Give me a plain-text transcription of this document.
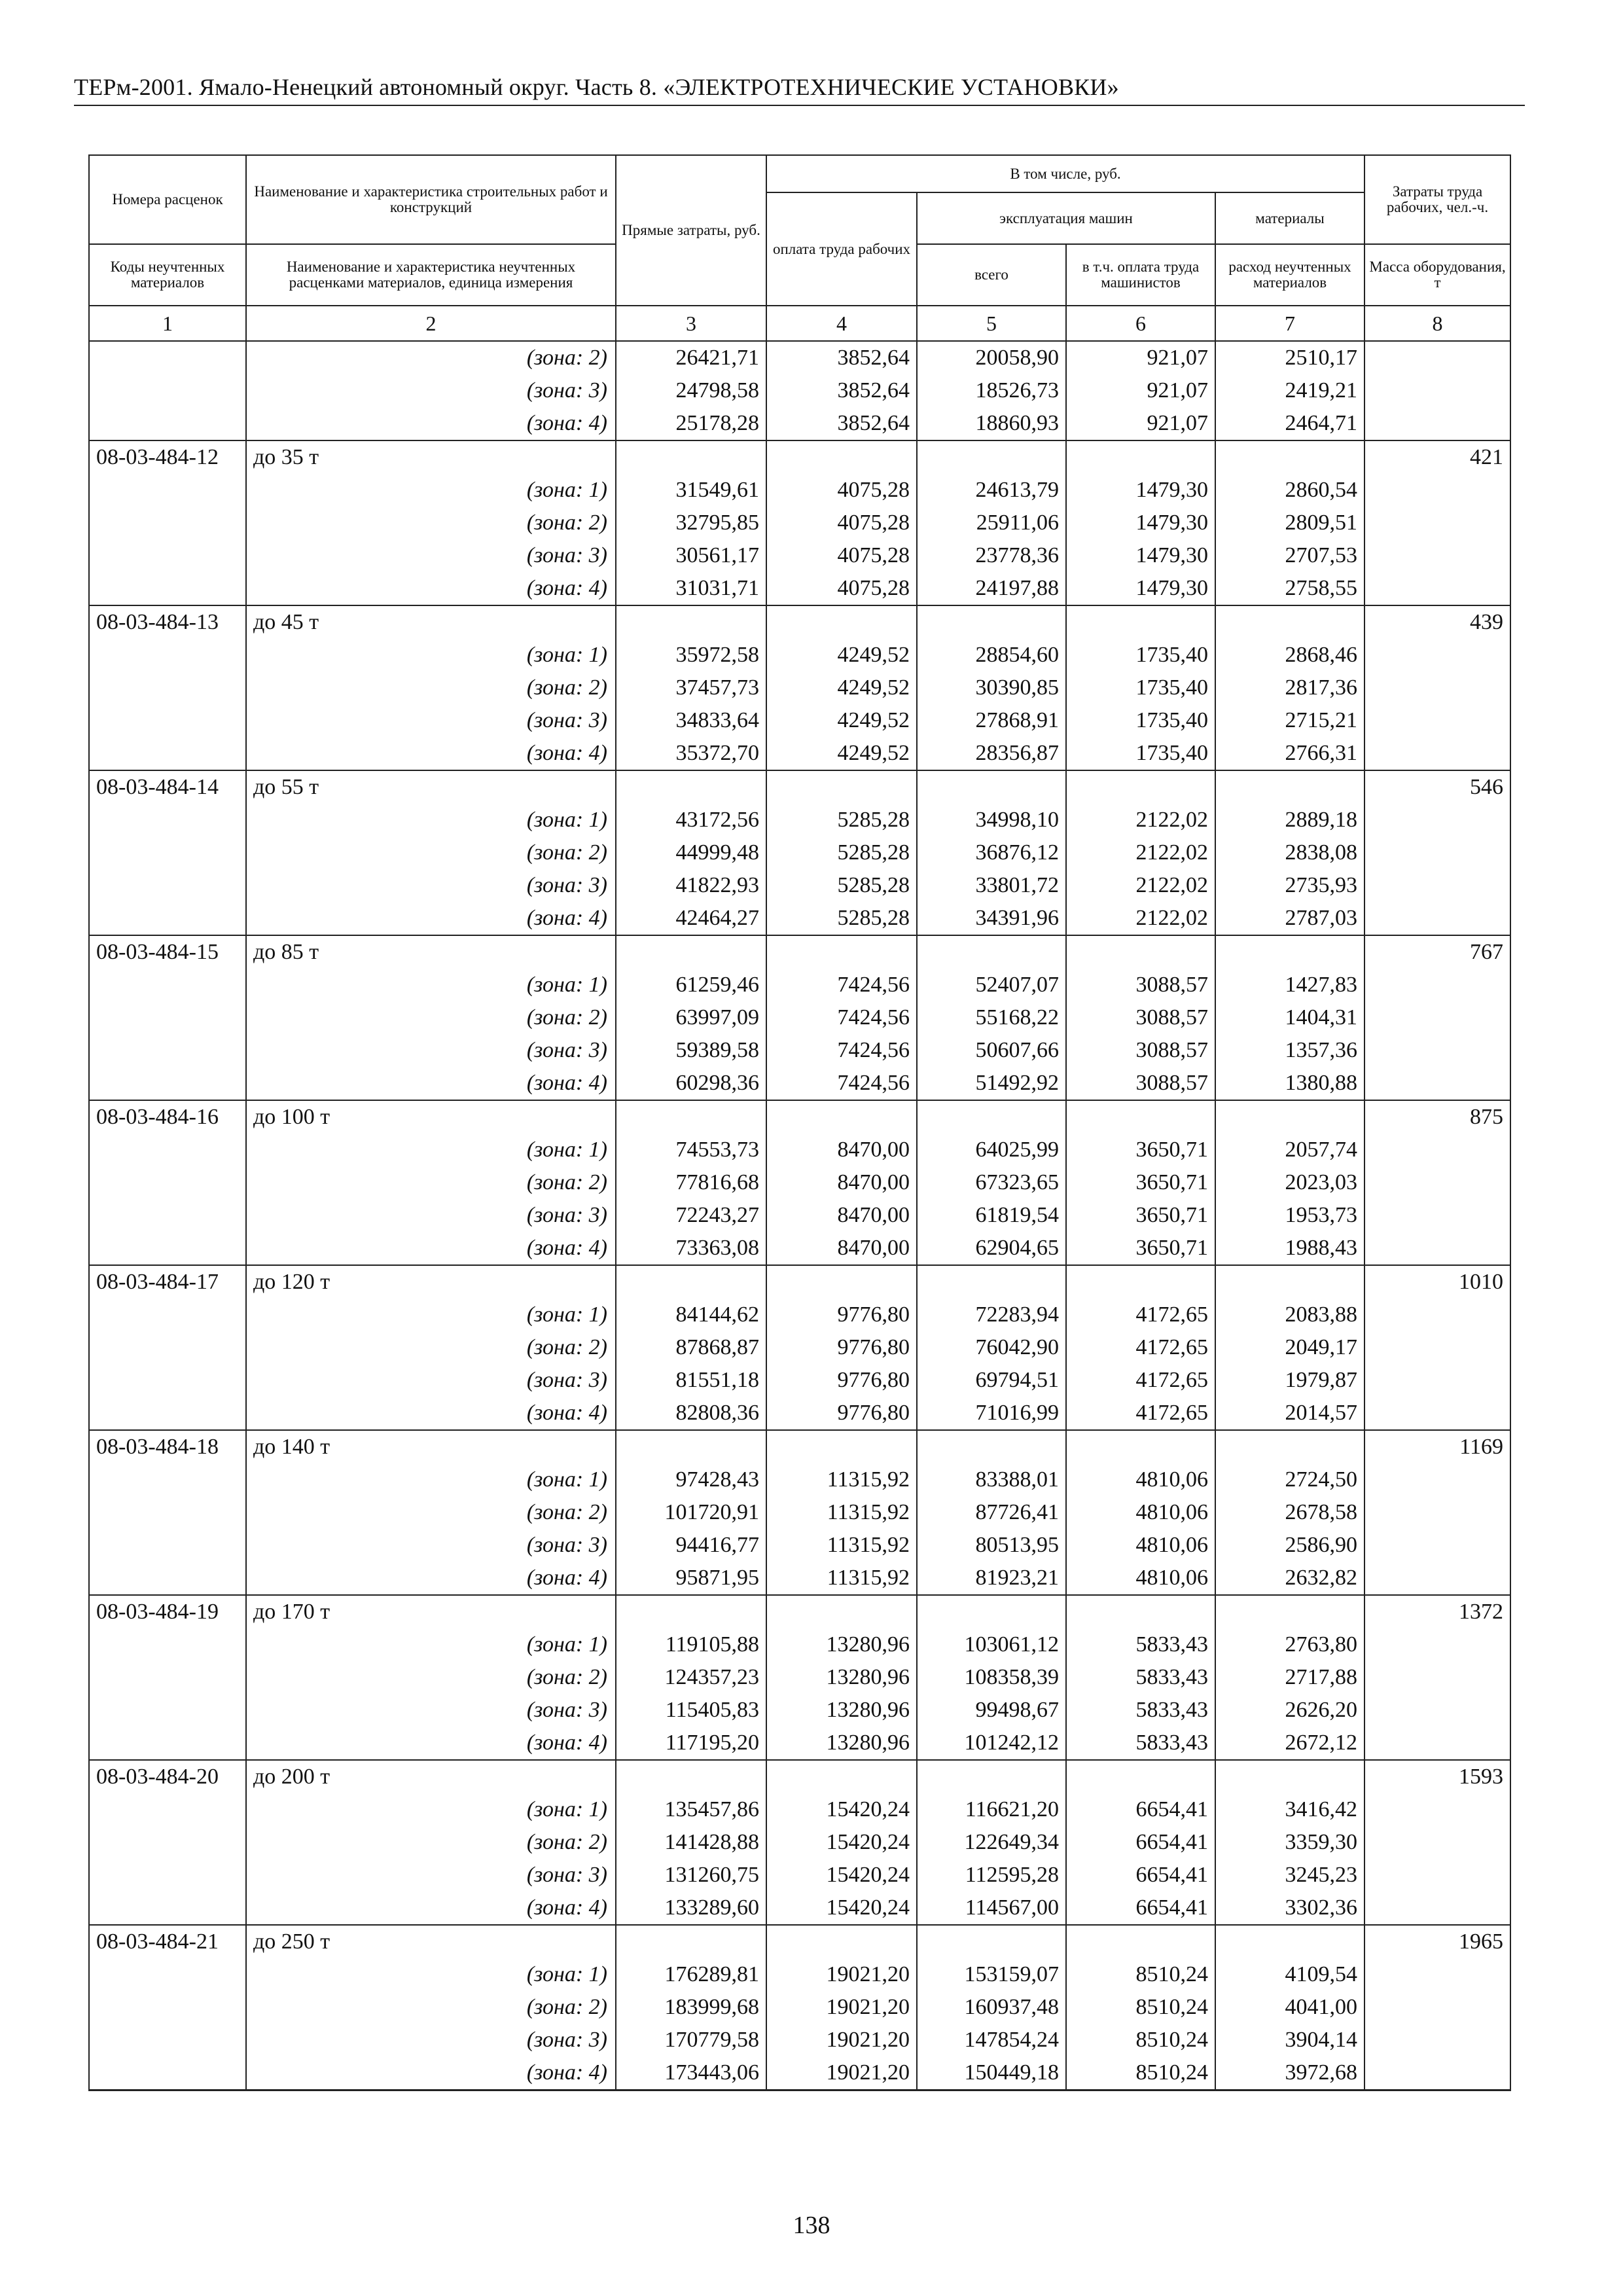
ТЕРм-2001. Ямало-Ненецкий автономный округ. Часть 8. «ЭЛЕКТРОТЕХНИЧЕСКИЕ УСТАНОВКИ»
Номера расценок	Наименование и характеристика строительных работ и конструкций	Прямые затраты, руб.	В том числе, руб.				Затраты труда рабочих, чел.-ч.
			оплата труда рабочих	эксплуатация машин		материалы	
Коды неучтенных материалов	Наименование и характеристика неучтенных расценками материалов, единица измерения			всего	в т.ч. оплата труда машинистов	расход неучтенных материалов	Масса оборудования, т
1	2	3	4	5	6	7	8
	(зона: 2)	26421,71	3852,64	20058,90	921,07	2510,17	
	(зона: 3)	24798,58	3852,64	18526,73	921,07	2419,21	
	(зона: 4)	25178,28	3852,64	18860,93	921,07	2464,71	
08-03-484-12	до 35 т						421
	(зона: 1)	31549,61	4075,28	24613,79	1479,30	2860,54	
	(зона: 2)	32795,85	4075,28	25911,06	1479,30	2809,51	
	(зона: 3)	30561,17	4075,28	23778,36	1479,30	2707,53	
	(зона: 4)	31031,71	4075,28	24197,88	1479,30	2758,55	
08-03-484-13	до 45 т						439
	(зона: 1)	35972,58	4249,52	28854,60	1735,40	2868,46	
	(зона: 2)	37457,73	4249,52	30390,85	1735,40	2817,36	
	(зона: 3)	34833,64	4249,52	27868,91	1735,40	2715,21	
	(зона: 4)	35372,70	4249,52	28356,87	1735,40	2766,31	
08-03-484-14	до 55 т						546
	(зона: 1)	43172,56	5285,28	34998,10	2122,02	2889,18	
	(зона: 2)	44999,48	5285,28	36876,12	2122,02	2838,08	
	(зона: 3)	41822,93	5285,28	33801,72	2122,02	2735,93	
	(зона: 4)	42464,27	5285,28	34391,96	2122,02	2787,03	
08-03-484-15	до 85 т						767
	(зона: 1)	61259,46	7424,56	52407,07	3088,57	1427,83	
	(зона: 2)	63997,09	7424,56	55168,22	3088,57	1404,31	
	(зона: 3)	59389,58	7424,56	50607,66	3088,57	1357,36	
	(зона: 4)	60298,36	7424,56	51492,92	3088,57	1380,88	
08-03-484-16	до 100 т						875
	(зона: 1)	74553,73	8470,00	64025,99	3650,71	2057,74	
	(зона: 2)	77816,68	8470,00	67323,65	3650,71	2023,03	
	(зона: 3)	72243,27	8470,00	61819,54	3650,71	1953,73	
	(зона: 4)	73363,08	8470,00	62904,65	3650,71	1988,43	
08-03-484-17	до 120 т						1010
	(зона: 1)	84144,62	9776,80	72283,94	4172,65	2083,88	
	(зона: 2)	87868,87	9776,80	76042,90	4172,65	2049,17	
	(зона: 3)	81551,18	9776,80	69794,51	4172,65	1979,87	
	(зона: 4)	82808,36	9776,80	71016,99	4172,65	2014,57	
08-03-484-18	до 140 т						1169
	(зона: 1)	97428,43	11315,92	83388,01	4810,06	2724,50	
	(зона: 2)	101720,91	11315,92	87726,41	4810,06	2678,58	
	(зона: 3)	94416,77	11315,92	80513,95	4810,06	2586,90	
	(зона: 4)	95871,95	11315,92	81923,21	4810,06	2632,82	
08-03-484-19	до 170 т						1372
	(зона: 1)	119105,88	13280,96	103061,12	5833,43	2763,80	
	(зона: 2)	124357,23	13280,96	108358,39	5833,43	2717,88	
	(зона: 3)	115405,83	13280,96	99498,67	5833,43	2626,20	
	(зона: 4)	117195,20	13280,96	101242,12	5833,43	2672,12	
08-03-484-20	до 200 т						1593
	(зона: 1)	135457,86	15420,24	116621,20	6654,41	3416,42	
	(зона: 2)	141428,88	15420,24	122649,34	6654,41	3359,30	
	(зона: 3)	131260,75	15420,24	112595,28	6654,41	3245,23	
	(зона: 4)	133289,60	15420,24	114567,00	6654,41	3302,36	
08-03-484-21	до 250 т						1965
	(зона: 1)	176289,81	19021,20	153159,07	8510,24	4109,54	
	(зона: 2)	183999,68	19021,20	160937,48	8510,24	4041,00	
	(зона: 3)	170779,58	19021,20	147854,24	8510,24	3904,14	
	(зона: 4)	173443,06	19021,20	150449,18	8510,24	3972,68	
138
